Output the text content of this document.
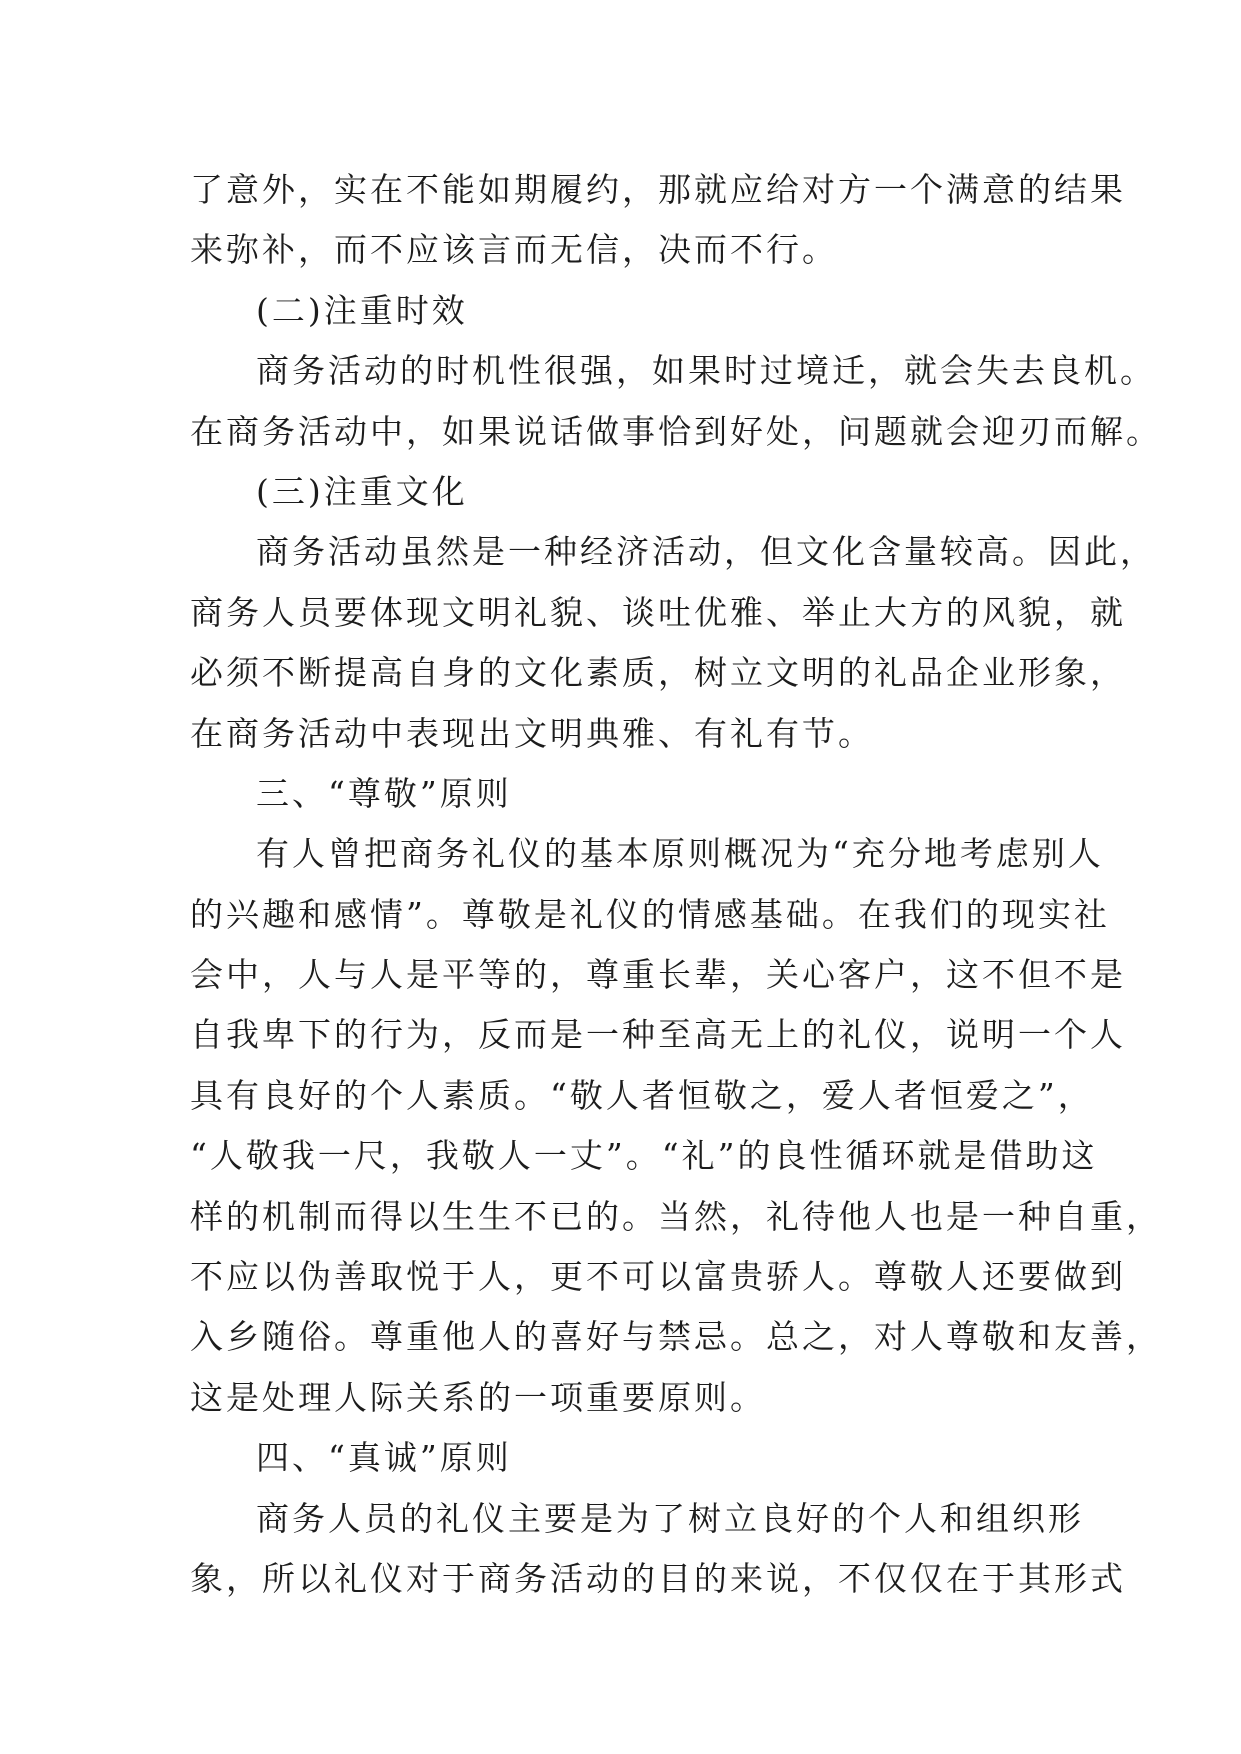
了意外，实在不能如期履约，那就应给对方一个满意的结果
来弥补，而不应该言而无信，决而不行。
(二)注重时效
商务活动的时机性很强，如果时过境迁，就会失去良机。
在商务活动中，如果说话做事恰到好处，问题就会迎刃而解。
(三)注重文化
商务活动虽然是一种经济活动，但文化含量较高。因此，
商务人员要体现文明礼貌、谈吐优雅、举止大方的风貌，就
必须不断提高自身的文化素质，树立文明的礼品企业形象，
在商务活动中表现出文明典雅、有礼有节。
三、“尊敬”原则
有人曾把商务礼仪的基本原则概况为“充分地考虑别人
的兴趣和感情”。尊敬是礼仪的情感基础。在我们的现实社
会中，人与人是平等的，尊重长辈，关心客户，这不但不是
自我卑下的行为，反而是一种至高无上的礼仪，说明一个人
具有良好的个人素质。“敬人者恒敬之，爱人者恒爱之”，
“人敬我一尺，我敬人一丈”。“礼”的良性循环就是借助这
样的机制而得以生生不已的。当然，礼待他人也是一种自重，
不应以伪善取悦于人，更不可以富贵骄人。尊敬人还要做到
入乡随俗。尊重他人的喜好与禁忌。总之，对人尊敬和友善，
这是处理人际关系的一项重要原则。
四、“真诚”原则
商务人员的礼仪主要是为了树立良好的个人和组织形
象，所以礼仪对于商务活动的目的来说，不仅仅在于其形式
